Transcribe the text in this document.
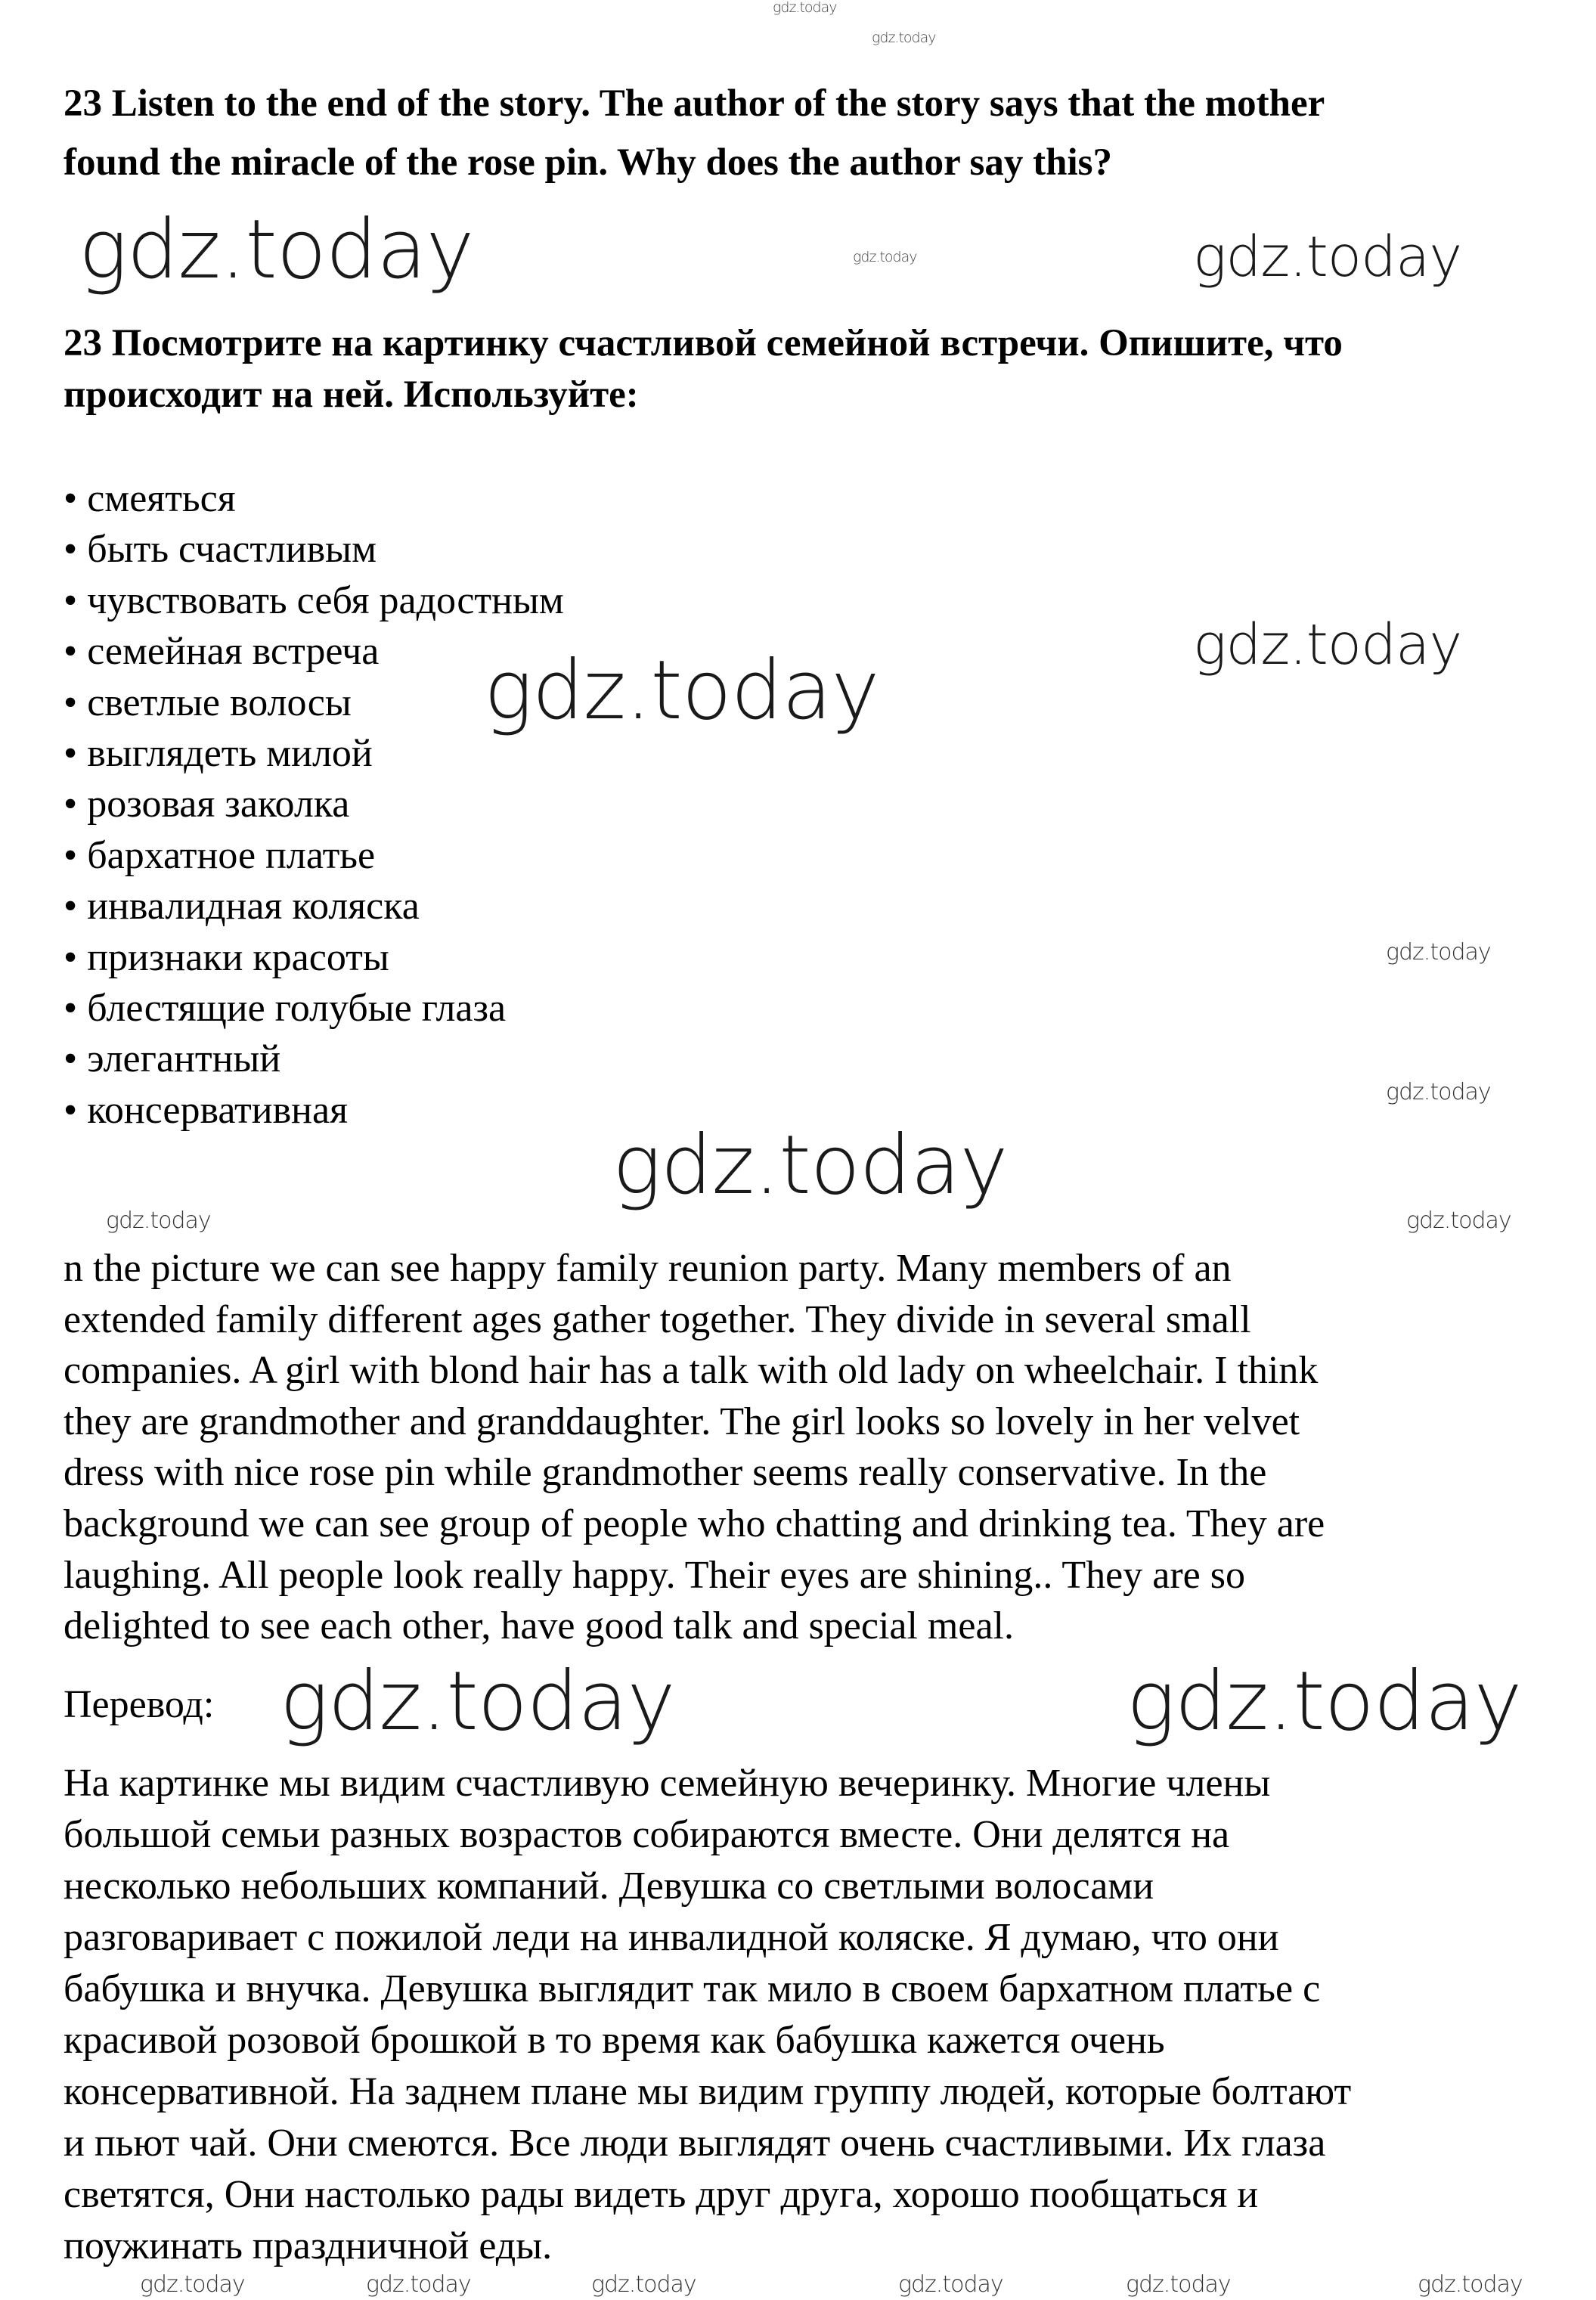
23 Listen to the end of the story. The author of the story says that the mother
found the miracle of the rose pin. Why does the author say this?
23 Посмотрите на картинку счастливой семейной встречи. Опишите, что
происходит на ней. Используйте:
• смеяться
• быть счастливым
• чувствовать себя радостным
• семейная встреча
• светлые волосы
• выглядеть милой
• розовая заколка
• бархатное платье
• инвалидная коляска
• признаки красоты
• блестящие голубые глаза
• элегантный
• консервативная
n the picture we can see happy family reunion party. Many members of an
extended family different ages gather together. They divide in several small
companies. A girl with blond hair has a talk with old lady on wheelchair. I think
they are grandmother and granddaughter. The girl looks so lovely in her velvet
dress with nice rose pin while grandmother seems really conservative. In the
background we can see group of people who chatting and drinking tea. They are
laughing. All people look really happy. Their eyes are shining.. They are so
delighted to see each other, have good talk and special meal.
Перевод:
На картинке мы видим счастливую семейную вечеринку. Многие члены
большой семьи разных возрастов собираются вместе. Они делятся на
несколько небольших компаний. Девушка со светлыми волосами
разговаривает с пожилой леди на инвалидной коляске. Я думаю, что они
бабушка и внучка. Девушка выглядит так мило в своем бархатном платье с
красивой розовой брошкой в то время как бабушка кажется очень
консервативной. На заднем плане мы видим группу людей, которые болтают
и пьют чай. Они смеются. Все люди выглядят очень счастливыми. Их глаза
светятся, Они настолько рады видеть друг друга, хорошо пообщаться и
поужинать праздничной еды.
gdz.today
gdz.today
gdz.today	gdz.today	gdz.today
gdz.today
gdz.today
gdz.today
gdz.today
gdz.today
gdz.today	gdz.today
gdz.today	gdz.today
gdz.today	gdz.today	gdz.today	gdz.today	gdz.today	gdz.today
